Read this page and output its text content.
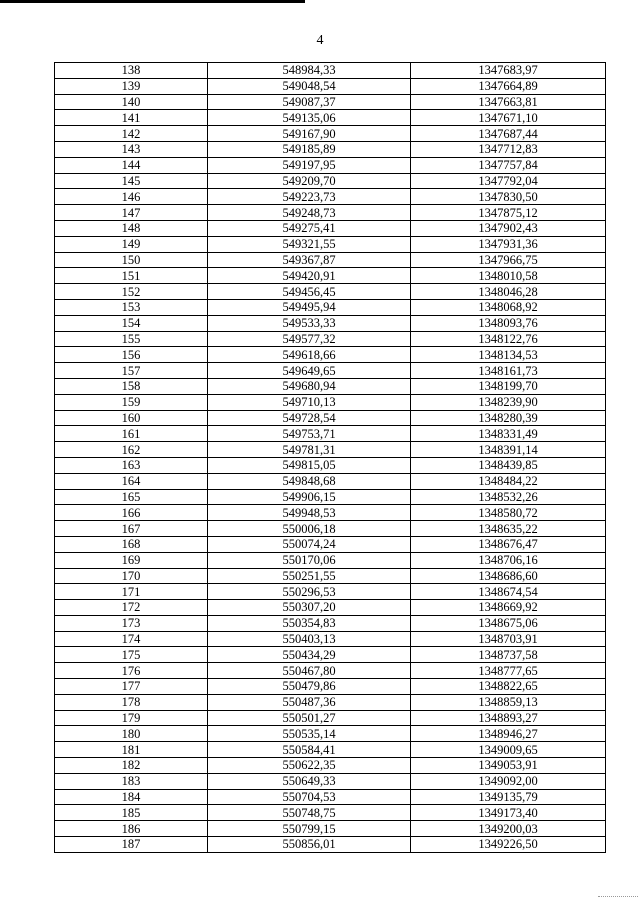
4
138	548984,33	1347683,97
139	549048,54	1347664,89
140	549087,37	1347663,81
141	549135,06	1347671,10
142	549167,90	1347687,44
143	549185,89	1347712,83
144	549197,95	1347757,84
145	549209,70	1347792,04
146	549223,73	1347830,50
147	549248,73	1347875,12
148	549275,41	1347902,43
149	549321,55	1347931,36
150	549367,87	1347966,75
151	549420,91	1348010,58
152	549456,45	1348046,28
153	549495,94	1348068,92
154	549533,33	1348093,76
155	549577,32	1348122,76
156	549618,66	1348134,53
157	549649,65	1348161,73
158	549680,94	1348199,70
159	549710,13	1348239,90
160	549728,54	1348280,39
161	549753,71	1348331,49
162	549781,31	1348391,14
163	549815,05	1348439,85
164	549848,68	1348484,22
165	549906,15	1348532,26
166	549948,53	1348580,72
167	550006,18	1348635,22
168	550074,24	1348676,47
169	550170,06	1348706,16
170	550251,55	1348686,60
171	550296,53	1348674,54
172	550307,20	1348669,92
173	550354,83	1348675,06
174	550403,13	1348703,91
175	550434,29	1348737,58
176	550467,80	1348777,65
177	550479,86	1348822,65
178	550487,36	1348859,13
179	550501,27	1348893,27
180	550535,14	1348946,27
181	550584,41	1349009,65
182	550622,35	1349053,91
183	550649,33	1349092,00
184	550704,53	1349135,79
185	550748,75	1349173,40
186	550799,15	1349200,03
187	550856,01	1349226,50
